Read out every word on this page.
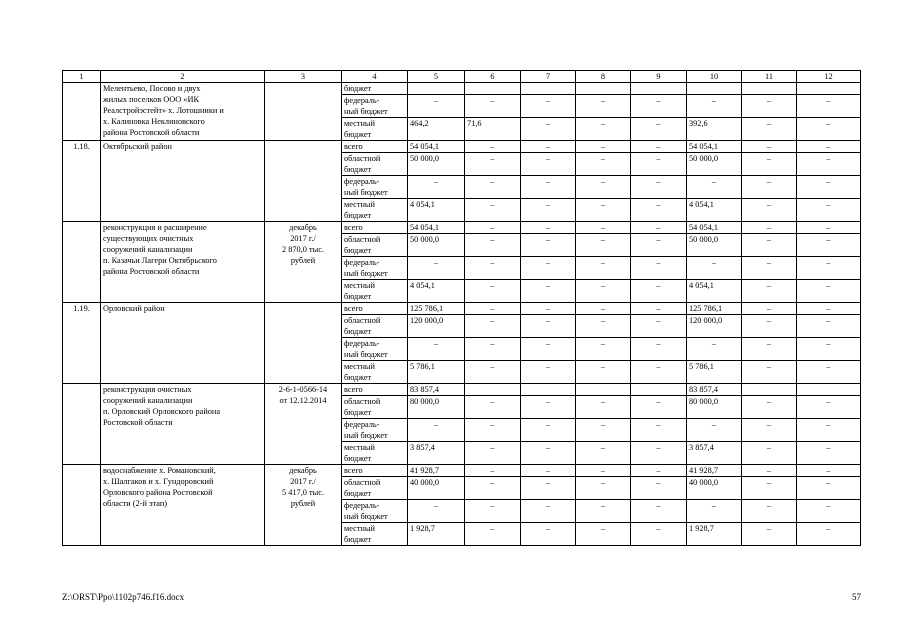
1	2	3	4	5	6	7	8	9	10	11	12

	Мелентьево, Посово и двух
жилых поселков ООО «ИК
Реалстройэстейт» х. Лотошники и
х. Калиновка Неклиновского
района Ростовской области		бюджет								

			федераль-
ный бюджет	–	–	–	–	–	–	–	–

			местный
бюджет	464,2	71,6	–	–	–	392,6	–	–
1.18.	Октябрьский район		всего	54 054,1	–	–	–	–	54 054,1	–	–

			областной
бюджет	50 000,0	–	–	–	–	50 000,0	–	–

			федераль-
ный бюджет	–	–	–	–	–	–	–	–

			местный
бюджет	4 054,1	–	–	–	–	4 054,1	–	–

	реконструкция и расширение
существующих очистных
сооружений канализации
п. Казачьи Лагери Октябрьского
района Ростовской области	декабрь
2017 г./
2 870,0 тыс.
рублей	всего	54 054,1	–	–	–	–	54 054,1	–	–

			областной
бюджет	50 000,0	–	–	–	–	50 000,0	–	–

			федераль-
ный бюджет	–	–	–	–	–	–	–	–

			местный
бюджет	4 054,1	–	–	–	–	4 054,1	–	–
1.19.	Орловский район		всего	125 786,1	–	–	–	–	125 786,1	–	–

			областной
бюджет	120 000,0	–	–	–	–	120 000,0	–	–

			федераль-
ный бюджет	–	–	–	–	–	–	–	–

			местный
бюджет	5 786,1	–	–	–	–	5 786,1	–	–

	реконструкция очистных
сооружений канализации
п. Орловский Орловского района
Ростовской области	2-6-1-0566-14
от 12.12.2014	всего	83 857,4					83 857,4		

			областной
бюджет	80 000,0	–	–	–	–	80 000,0	–	–

			федераль-
ный бюджет	–	–	–	–	–	–	–	–

			местный
бюджет	3 857,4	–	–	–	–	3 857,4	–	–

	водоснабжение х. Романовский,
х. Шалгаков и х. Гундоровский
Орловского района Ростовской
области (2-й этап)	декабрь
2017 г./
5 417,0 тыс.
рублей	всего	41 928,7	–	–	–	–	41 928,7	–	–

			областной
бюджет	40 000,0	–	–	–	–	40 000,0	–	–

			федераль-
ный бюджет	–	–	–	–	–	–	–	–

			местный
бюджет	1 928,7	–	–	–	–	1 928,7	–	–
Z:\ORST\Ppo\1102p746.f16.docx	57
